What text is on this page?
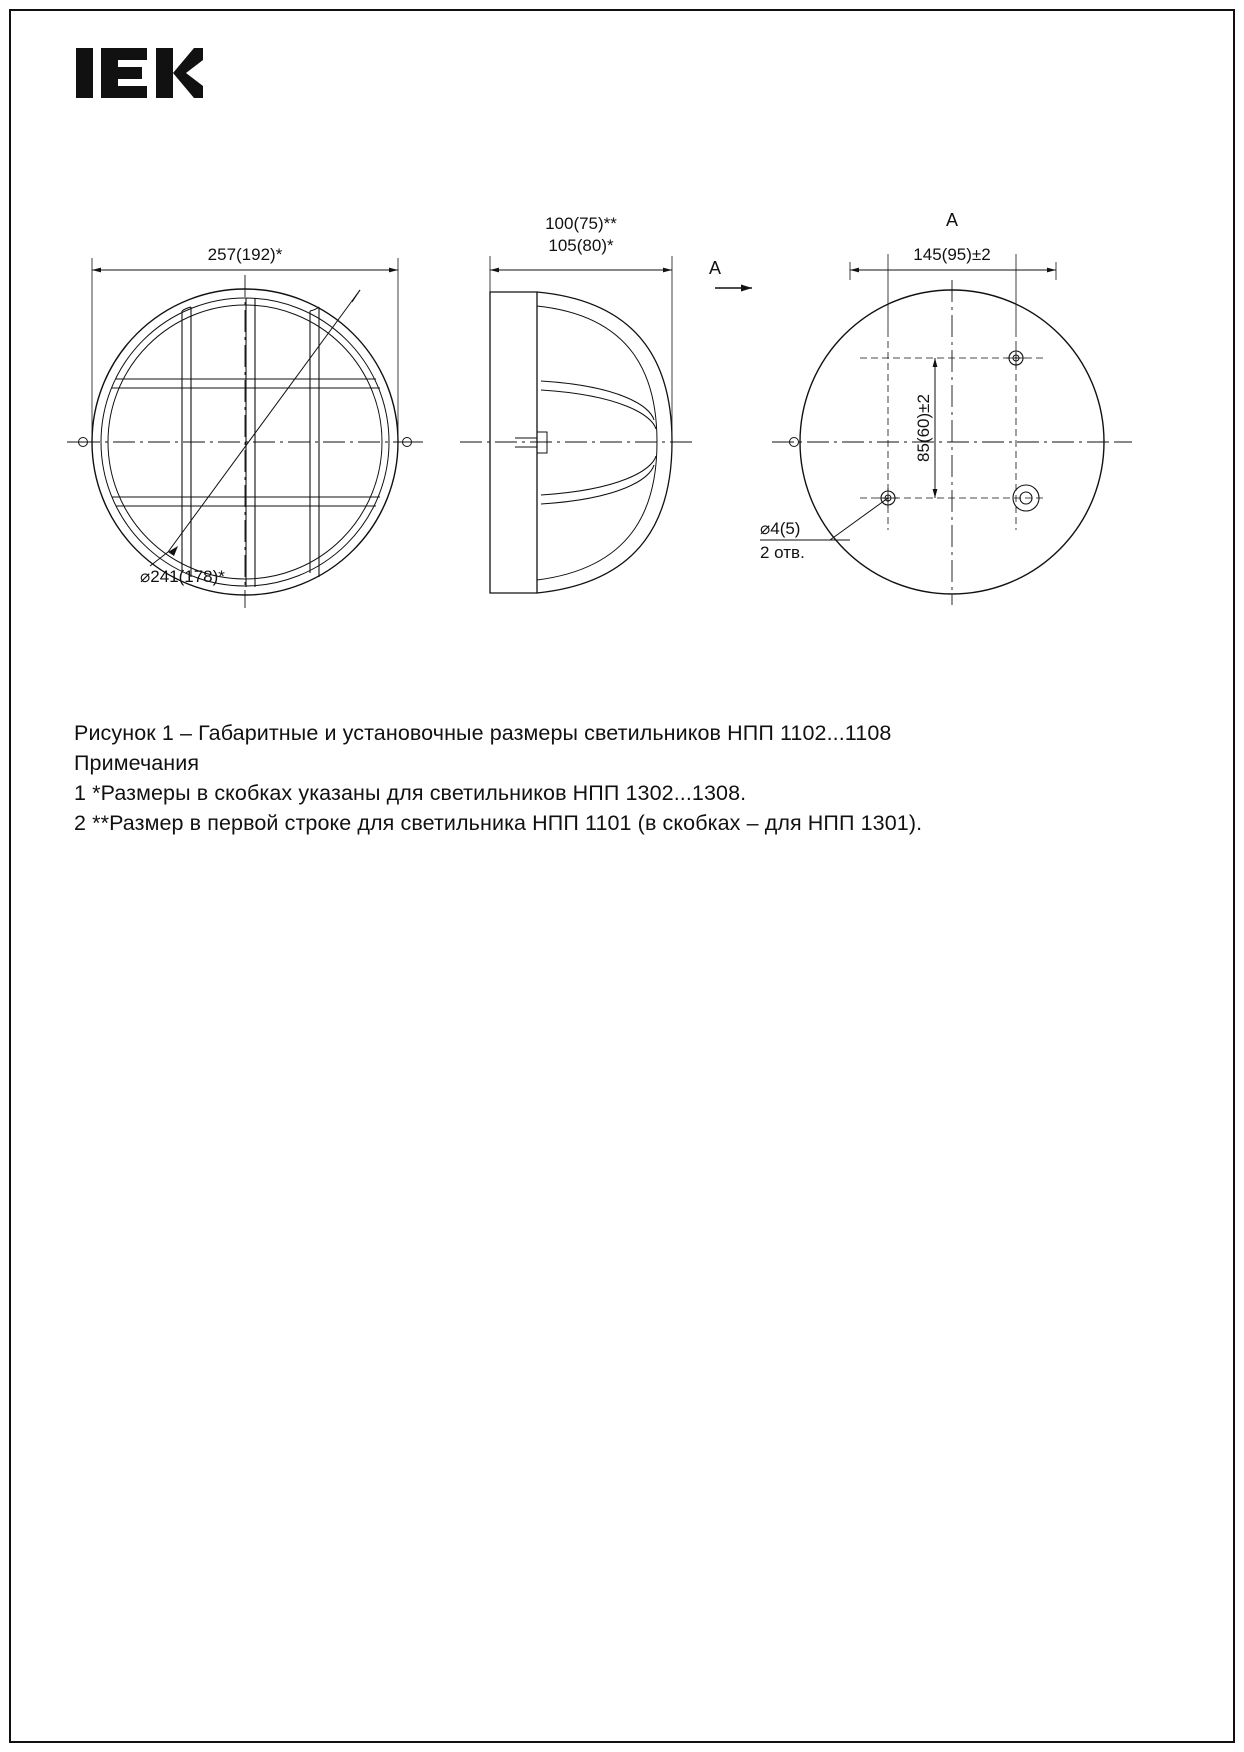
257(192)*
⌀241(178)*
А
100(75)**
105(80)*
А
145(95)±2
85(60)±2
⌀4(5)
2 отв.
Рисунок 1 – Габаритные и установочные размеры светильников НПП 1102...1108
Примечания
1 *Размеры в скобках указаны для светильников НПП 1302...1308.
2 **Размер в первой строке для светильника НПП 1101 (в скобках – для НПП 1301).
